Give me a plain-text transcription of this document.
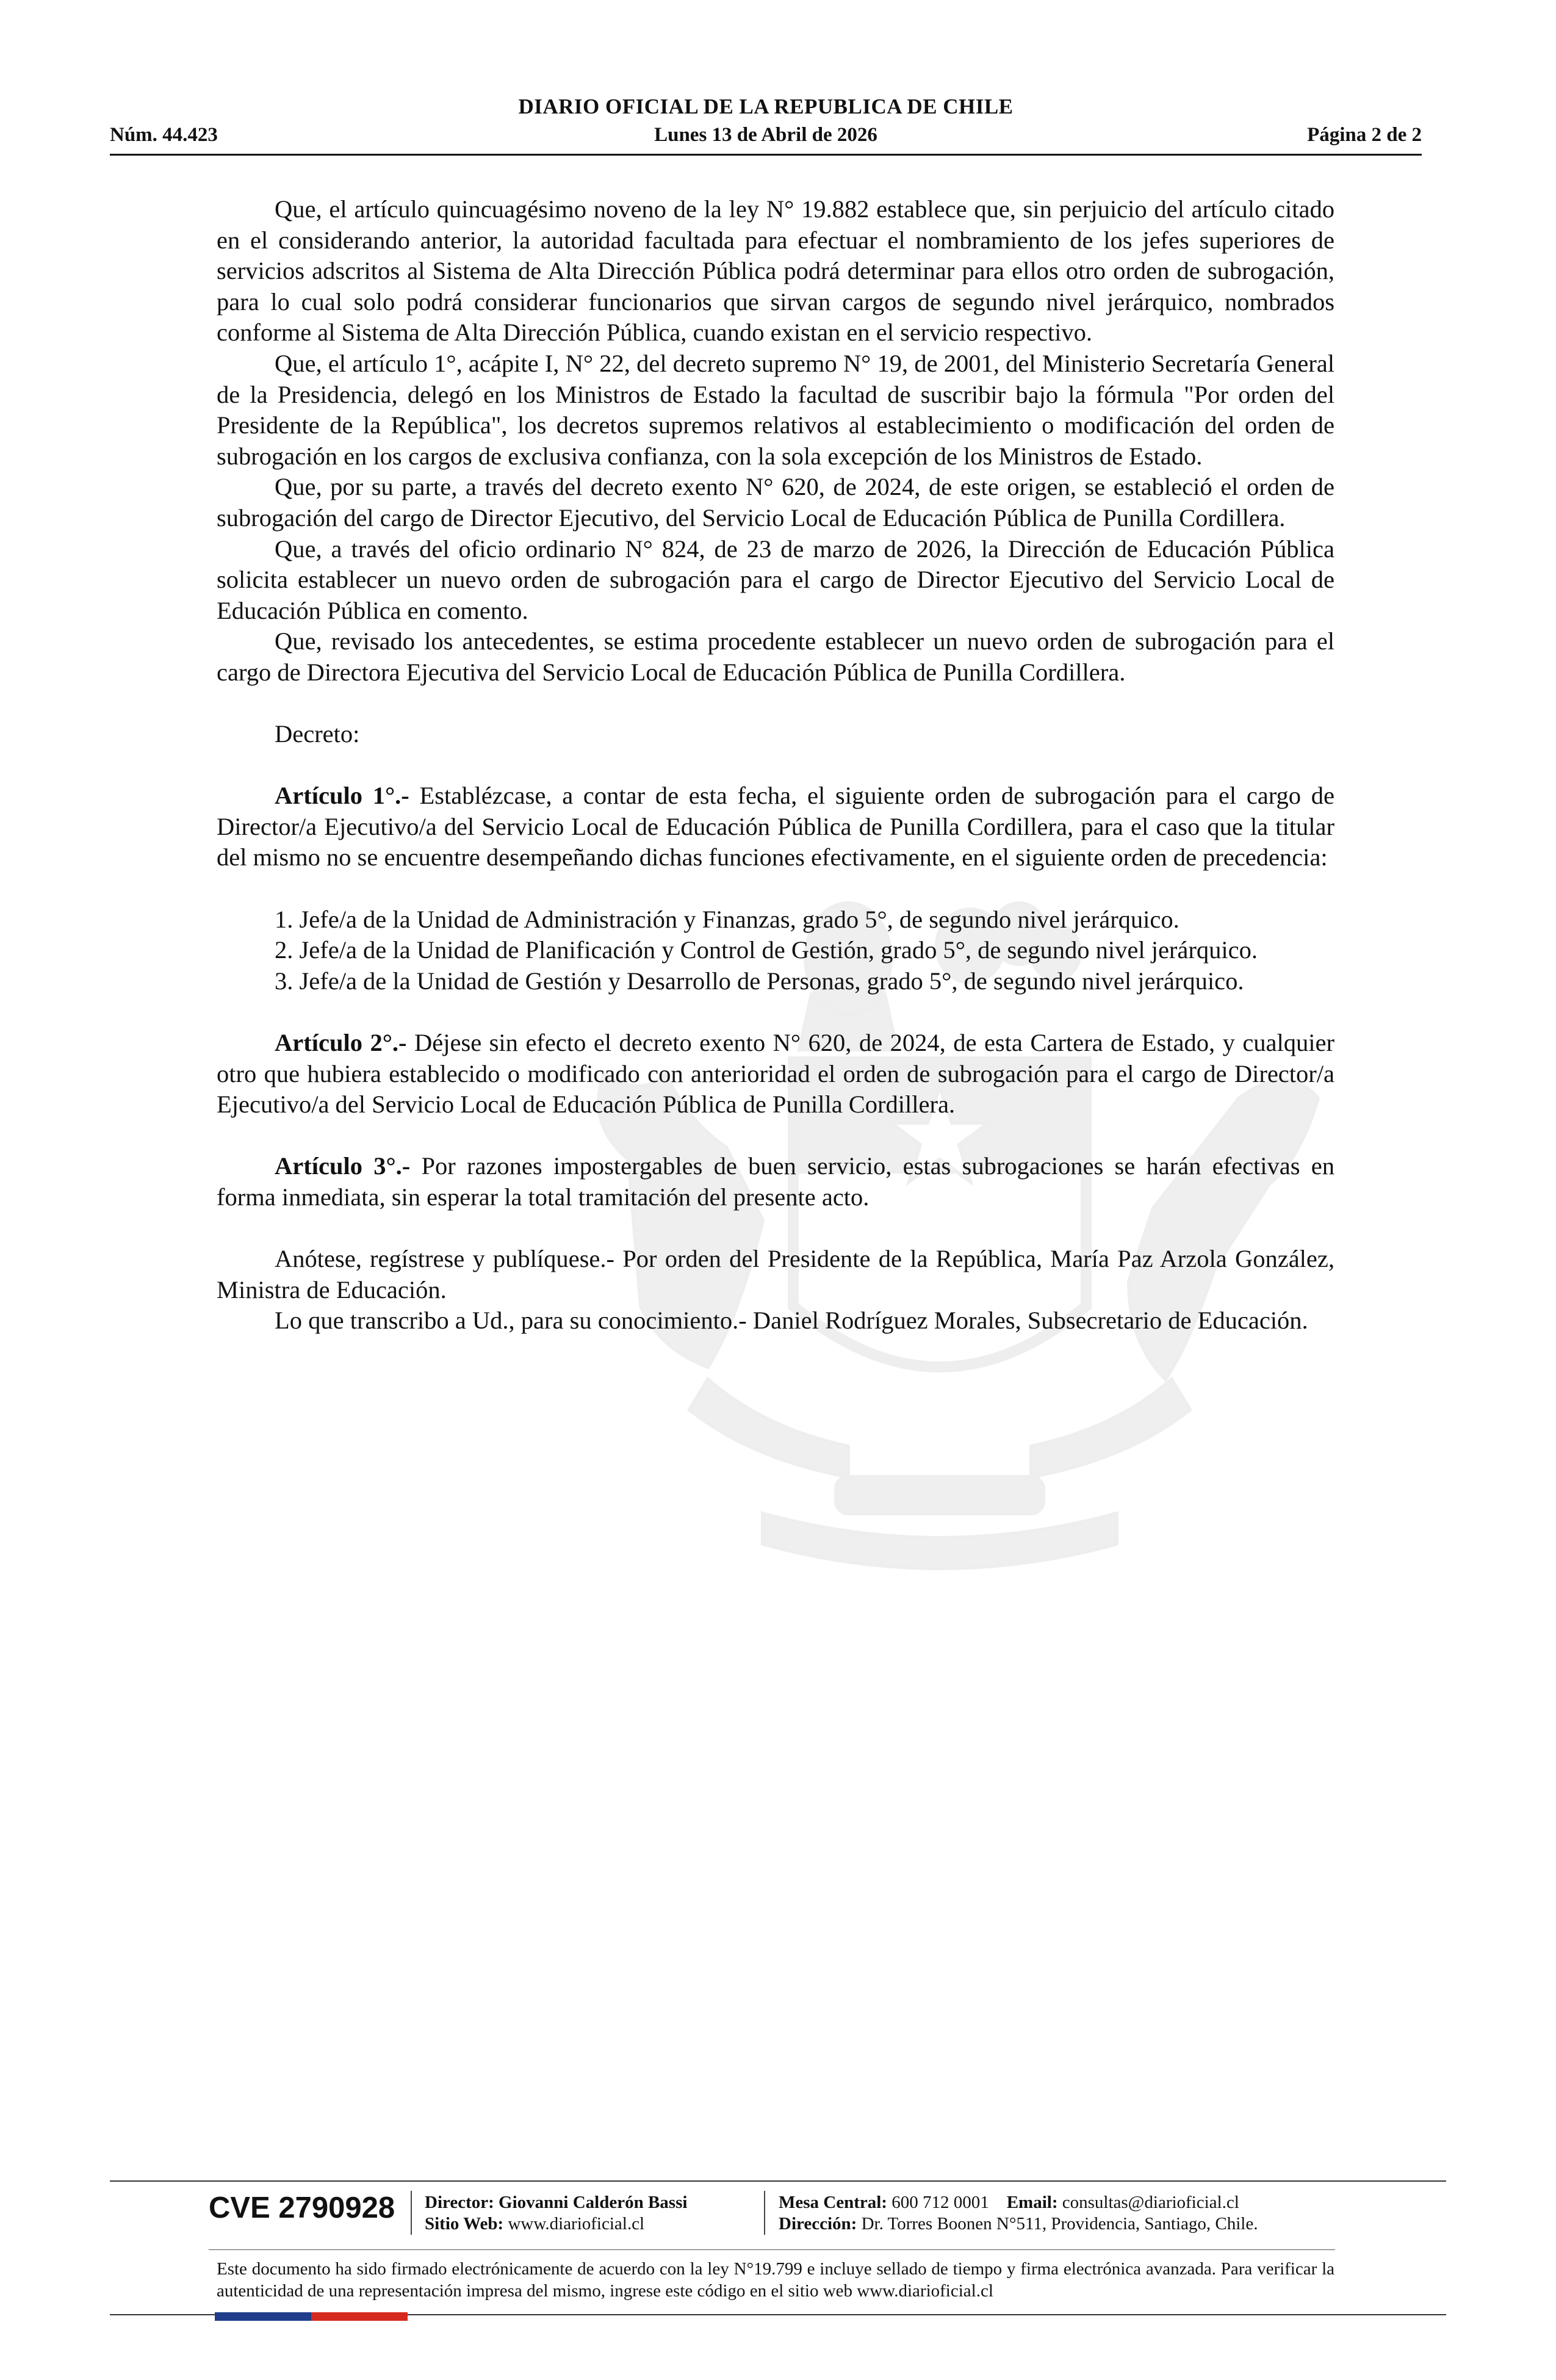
DIARIO OFICIAL DE LA REPUBLICA DE CHILE
Núm. 44.423	Lunes 13 de Abril de 2026	Página 2 de 2

Que, el artículo quincuagésimo noveno de la ley N° 19.882 establece que, sin perjuicio del artículo citado en el considerando anterior, la autoridad facultada para efectuar el nombramiento de los jefes superiores de servicios adscritos al Sistema de Alta Dirección Pública podrá determinar para ellos otro orden de subrogación, para lo cual solo podrá considerar funcionarios que sirvan cargos de segundo nivel jerárquico, nombrados conforme al Sistema de Alta Dirección Pública, cuando existan en el servicio respectivo.

Que, el artículo 1°, acápite I, N° 22, del decreto supremo N° 19, de 2001, del Ministerio Secretaría General de la Presidencia, delegó en los Ministros de Estado la facultad de suscribir bajo la fórmula "Por orden del Presidente de la República", los decretos supremos relativos al establecimiento o modificación del orden de subrogación en los cargos de exclusiva confianza, con la sola excepción de los Ministros de Estado.

Que, por su parte, a través del decreto exento N° 620, de 2024, de este origen, se estableció el orden de subrogación del cargo de Director Ejecutivo, del Servicio Local de Educación Pública de Punilla Cordillera.

Que, a través del oficio ordinario N° 824, de 23 de marzo de 2026, la Dirección de Educación Pública solicita establecer un nuevo orden de subrogación para el cargo de Director Ejecutivo del Servicio Local de Educación Pública en comento.

Que, revisado los antecedentes, se estima procedente establecer un nuevo orden de subrogación para el cargo de Directora Ejecutiva del Servicio Local de Educación Pública de Punilla Cordillera.

Decreto:

Artículo 1°.- Establézcase, a contar de esta fecha, el siguiente orden de subrogación para el cargo de Director/a Ejecutivo/a del Servicio Local de Educación Pública de Punilla Cordillera, para el caso que la titular del mismo no se encuentre desempeñando dichas funciones efectivamente, en el siguiente orden de precedencia:

1. Jefe/a de la Unidad de Administración y Finanzas, grado 5°, de segundo nivel jerárquico.

2. Jefe/a de la Unidad de Planificación y Control de Gestión, grado 5°, de segundo nivel jerárquico.

3. Jefe/a de la Unidad de Gestión y Desarrollo de Personas, grado 5°, de segundo nivel jerárquico.

Artículo 2°.- Déjese sin efecto el decreto exento N° 620, de 2024, de esta Cartera de Estado, y cualquier otro que hubiera establecido o modificado con anterioridad el orden de subrogación para el cargo de Director/a Ejecutivo/a del Servicio Local de Educación Pública de Punilla Cordillera.

Artículo 3°.- Por razones impostergables de buen servicio, estas subrogaciones se harán efectivas en forma inmediata, sin esperar la total tramitación del presente acto.

Anótese, regístrese y publíquese.- Por orden del Presidente de la República, María Paz Arzola González, Ministra de Educación.

Lo que transcribo a Ud., para su conocimiento.- Daniel Rodríguez Morales, Subsecretario de Educación.

CVE 2790928	Director: Giovanni Calderón Bassi
Sitio Web: www.diarioficial.cl
Mesa Central: 600 712 0001 Email: consultas@diarioficial.cl
Dirección: Dr. Torres Boonen N°511, Providencia, Santiago, Chile.
Este documento ha sido firmado electrónicamente de acuerdo con la ley N°19.799 e incluye sellado de tiempo y firma electrónica avanzada. Para verificar la autenticidad de una representación impresa del mismo, ingrese este código en el sitio web www.diarioficial.cl
